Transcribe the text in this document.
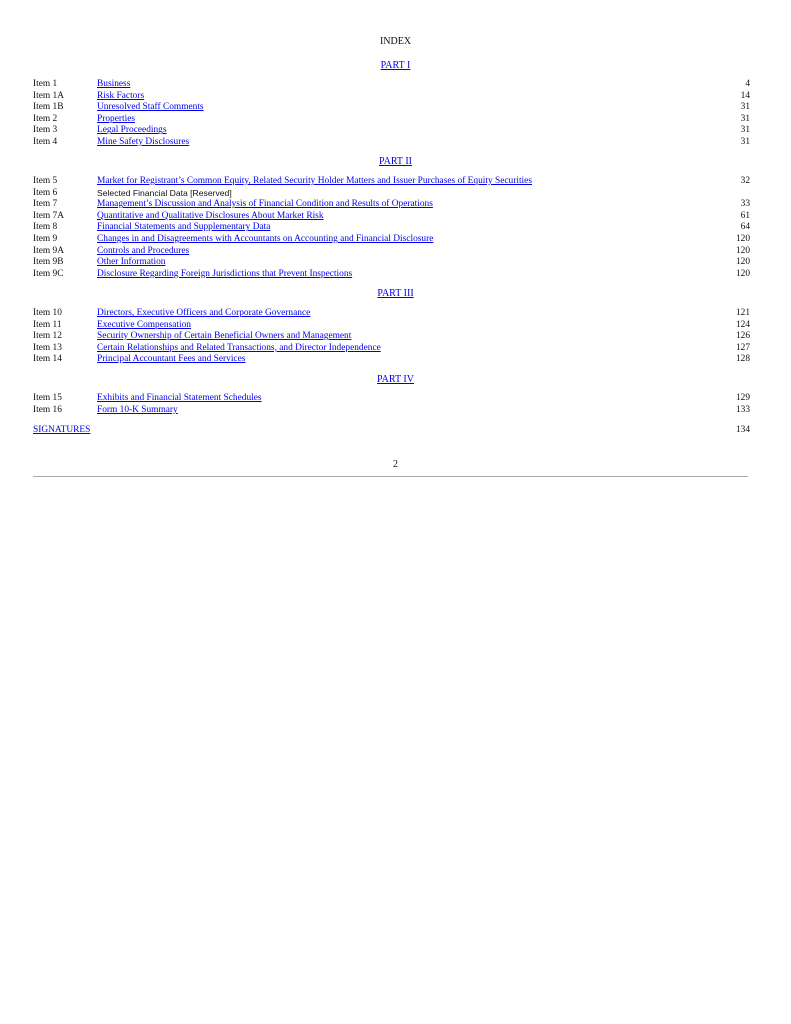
INDEX
PART I
Item 1	Business	4
Item 1A	Risk Factors	14
Item 1B	Unresolved Staff Comments	31
Item 2	Properties	31
Item 3	Legal Proceedings	31
Item 4	Mine Safety Disclosures	31
PART II
Item 5	Market for Registrant’s Common Equity, Related Security Holder Matters and Issuer Purchases of Equity Securities	32
Item 6	Selected Financial Data [Reserved]
Item 7	Management’s Discussion and Analysis of Financial Condition and Results of Operations	33
Item 7A	Quantitative and Qualitative Disclosures About Market Risk	61
Item 8	Financial Statements and Supplementary Data	64
Item 9	Changes in and Disagreements with Accountants on Accounting and Financial Disclosure	120
Item 9A	Controls and Procedures	120
Item 9B	Other Information	120
Item 9C	Disclosure Regarding Foreign Jurisdictions that Prevent Inspections	120
PART III
Item 10	Directors, Executive Officers and Corporate Governance	121
Item 11	Executive Compensation	124
Item 12	Security Ownership of Certain Beneficial Owners and Management	126
Item 13	Certain Relationships and Related Transactions, and Director Independence	127
Item 14	Principal Accountant Fees and Services	128
PART IV
Item 15	Exhibits and Financial Statement Schedules	129
Item 16	Form 10-K Summary	133
SIGNATURES	134
2
